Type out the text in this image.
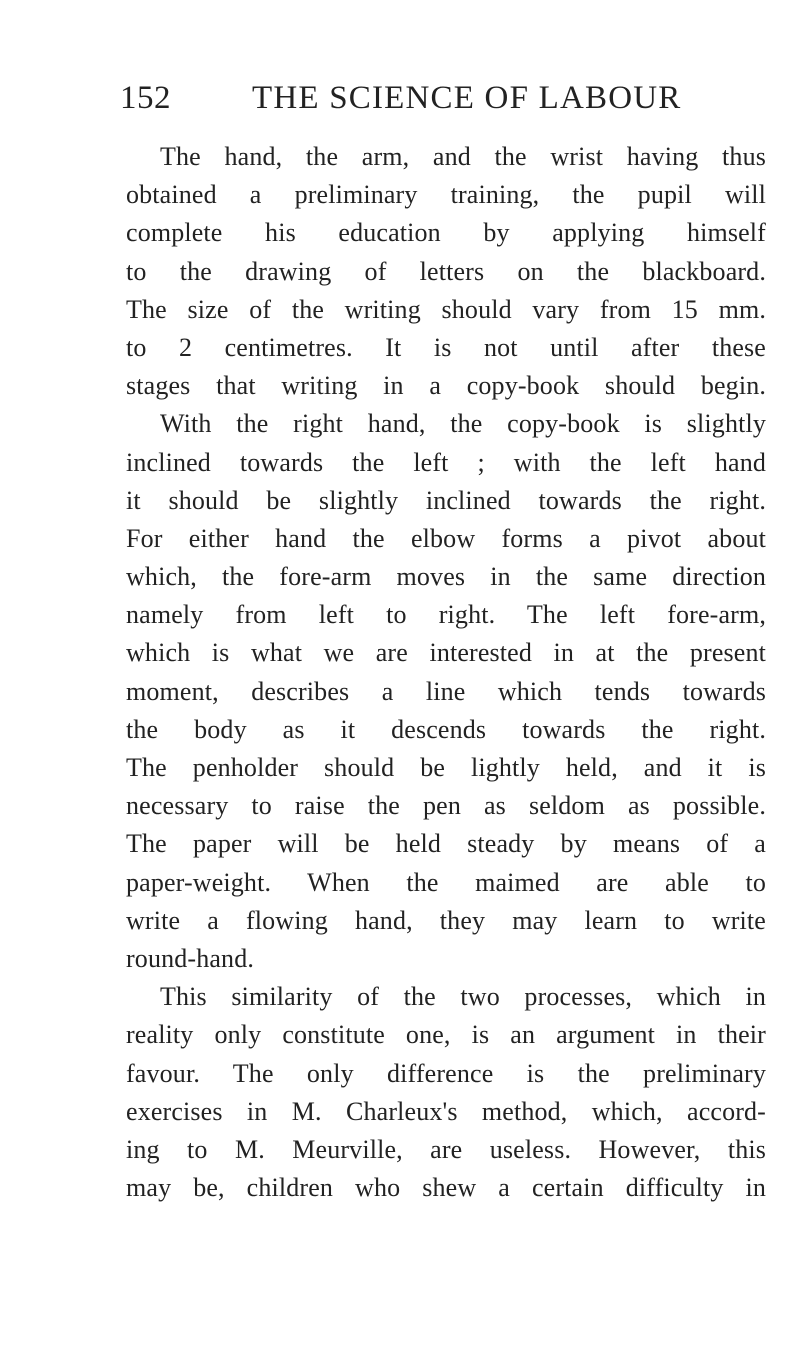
152 THE SCIENCE OF LABOUR
The hand, the arm, and the wrist having thus
obtained a preliminary training, the pupil will
complete his education by applying himself
to the drawing of letters on the blackboard.
The size of the writing should vary from 15 mm.
to 2 centimetres. It is not until after these
stages that writing in a copy-book should begin.
With the right hand, the copy-book is slightly
inclined towards the left ; with the left hand
it should be slightly inclined towards the right.
For either hand the elbow forms a pivot about
which, the fore-arm moves in the same direction
namely from left to right. The left fore-arm,
which is what we are interested in at the present
moment, describes a line which tends towards
the body as it descends towards the right.
The penholder should be lightly held, and it is
necessary to raise the pen as seldom as possible.
The paper will be held steady by means of a
paper-weight. When the maimed are able to
write a flowing hand, they may learn to write
round-hand.
This similarity of the two processes, which in
reality only constitute one, is an argument in their
favour. The only difference is the preliminary
exercises in M. Charleux's method, which, accord-
ing to M. Meurville, are useless. However, this
may be, children who shew a certain difficulty in
